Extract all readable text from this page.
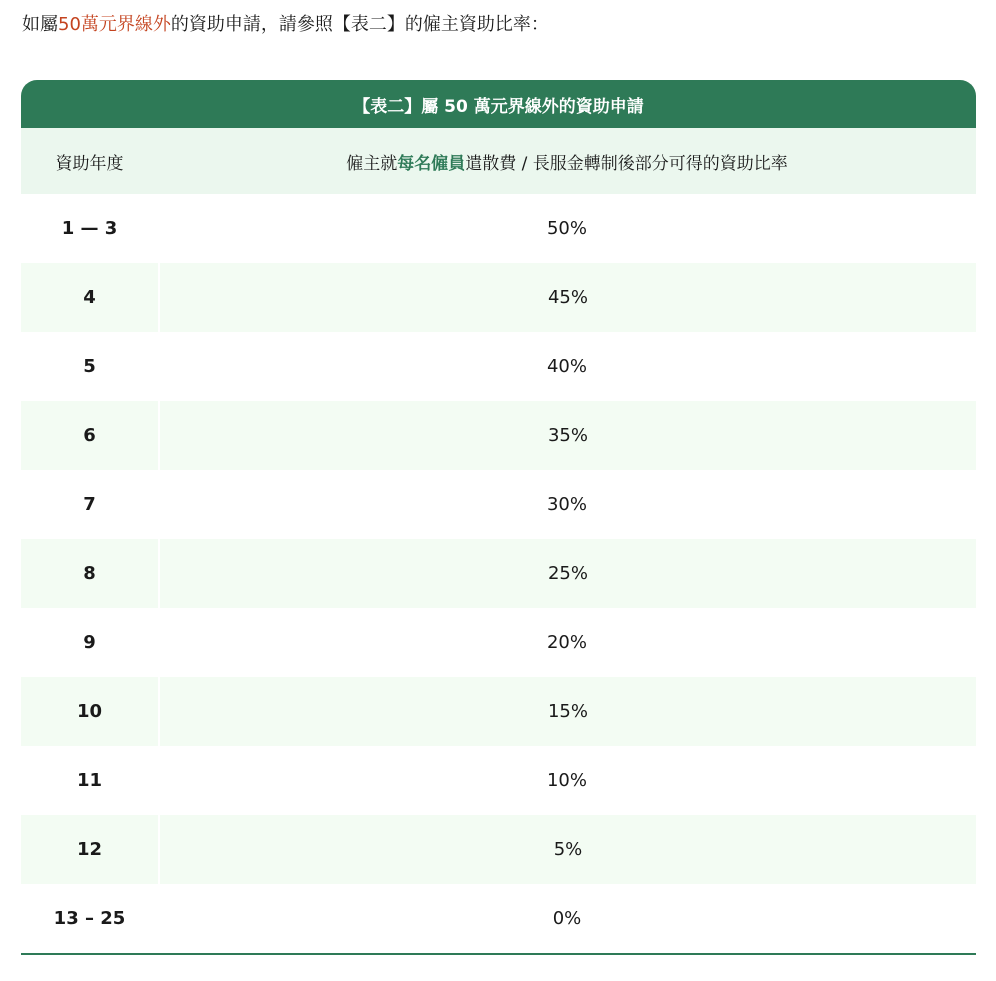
如屬50萬元界線外的資助申請，請參照【表二】的僱主資助比率：
【表二】屬 50 萬元界線外的資助申請
資助年度	僱主就每名僱員遣散費 / 長服金轉制後部分可得的資助比率
1 — 3	50%
4	45%
5	40%
6	35%
7	30%
8	25%
9	20%
10	15%
11	10%
12	5%
13 – 25	0%
